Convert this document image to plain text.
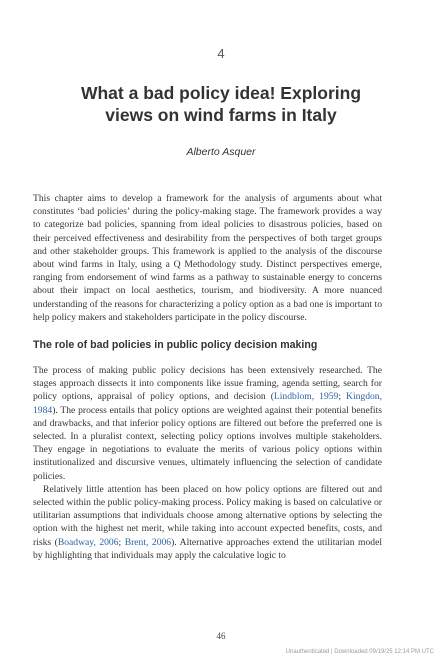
4
What a bad policy idea! Exploring
views on wind farms in Italy
Alberto Asquer

This chapter aims to develop a framework for the analysis of arguments about what constitutes ‘bad policies’ during the policy-making stage. The framework provides a way to categorize bad policies, spanning from ideal policies to disastrous policies, based on their perceived effectiveness and desirability from the perspectives of both target groups and other stakeholder groups. This framework is applied to the analysis of the discourse about wind farms in Italy, using a Q Methodology study. Distinct perspectives emerge, ranging from endorsement of wind farms as a pathway to sustainable energy to concerns about their impact on local aesthetics, tourism, and biodiversity. A more nuanced understanding of the reasons for characterizing a policy option as a bad one is important to help policy makers and stakeholders participate in the policy discourse.

The role of bad policies in public policy decision making

The process of making public policy decisions has been extensively researched. The stages approach dissects it into components like issue framing, agenda setting, search for policy options, appraisal of policy options, and decision (Lindblom, 1959; Kingdon, 1984). The process entails that policy options are weighted against their potential benefits and drawbacks, and that inferior policy options are filtered out before the preferred one is selected. In a pluralist context, selecting policy options involves multiple stakeholders. They engage in negotiations to evaluate the merits of various policy options within institutionalized and discursive venues, ultimately influencing the selection of candidate policies.

Relatively little attention has been placed on how policy options are filtered out and selected within the public policy-making process. Policy making is based on calculative or utilitarian assumptions that individuals choose among alternative options by selecting the option with the highest net merit, while taking into account expected benefits, costs, and risks (Boadway, 2006; Brent, 2006). Alternative approaches extend the utilitarian model by highlighting that individuals may apply the calculative logic to

46
Unauthenticated | Downloaded 09/19/25 12:14 PM UTC
